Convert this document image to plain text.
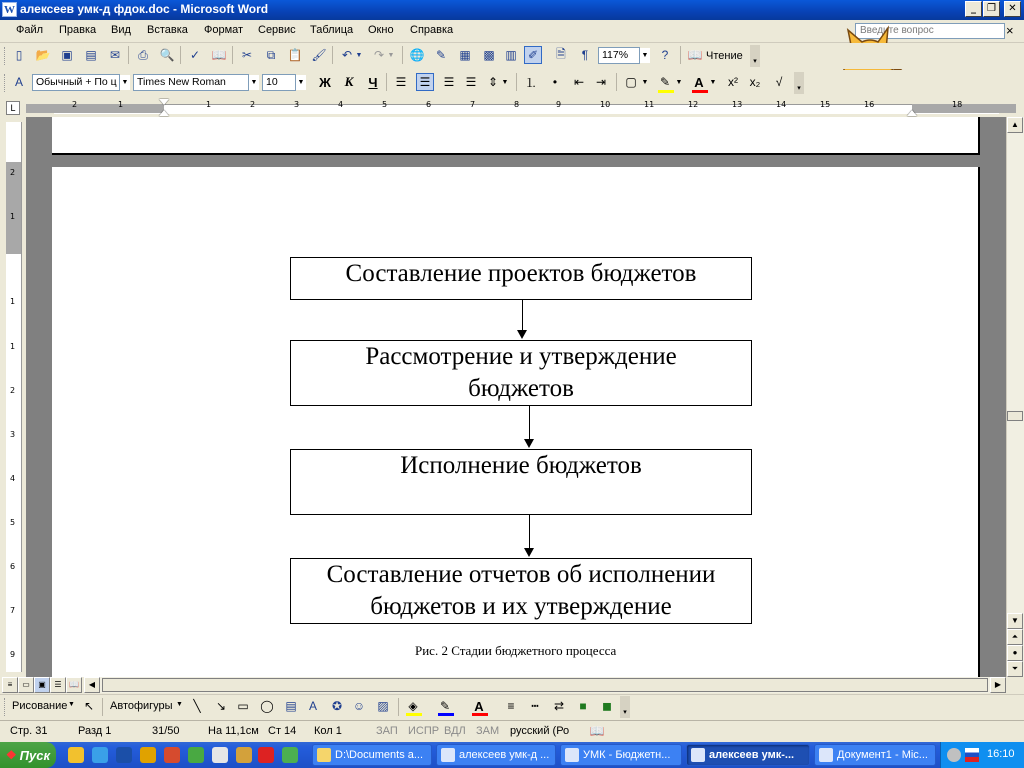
W алексеев умк-д фдок.doc - Microsoft Word	_	❐	✕
Файл Правка Вид Вставка Формат Сервис Таблица Окно Справка	Введите вопрос	×
▯	📂 ▣ ▤	✉	⎙ 🔍	✓ 📖	✂	⧉	📋 🖌	↶ ▼ ↷ ▼ 🌐 ✎	▦ ▩ ▥ ✐	🗎	¶	117%	▼	?	📖 Чтение	▾
A	Обычный + По ц ▼ Times New Roman	▼ 10	▼ Ж	К	Ч	☰	☰	☰ ☰ ⇕ ▼ ⒈	•	⇤ ⇥	▢ ▼ ✎ ▼ A ▼ x² x₂	√	▾
L	2	1	1	2	3	4	5	6	7	8	9	10	11	12	13	14	15	16	18
2
1
1
1
2
3
4
5
6
7
9
Составление проектов бюджетов
Рассмотрение и утверждение бюджетов
Исполнение бюджетов
Составление отчетов об исполнении бюджетов и их утверждение
Рис. 2 Стадии бюджетного процесса
▲
▼
⏶
●
⏷
≡	▭	▣	☰ 📖	◀	▶
Рисование ▼ ↖	Автофигуры ▼ ╲	↘ ▭ ◯ ▤	A	✪ ☺ ▨	◈	✎	A	≡	┅	⇄	■	◼	▾
Стр. 31	Разд 1	31/50	На 11,1см Ст 14 Кол 1	ЗАП ИСПР ВДЛ ЗАМ русский (Ро 📖
❖ Пуск	D:\Documents a...	алексеев умк-д ...	УМК - Бюджетн...	алексеев умк-...	Документ1 - Mic...	16:10
